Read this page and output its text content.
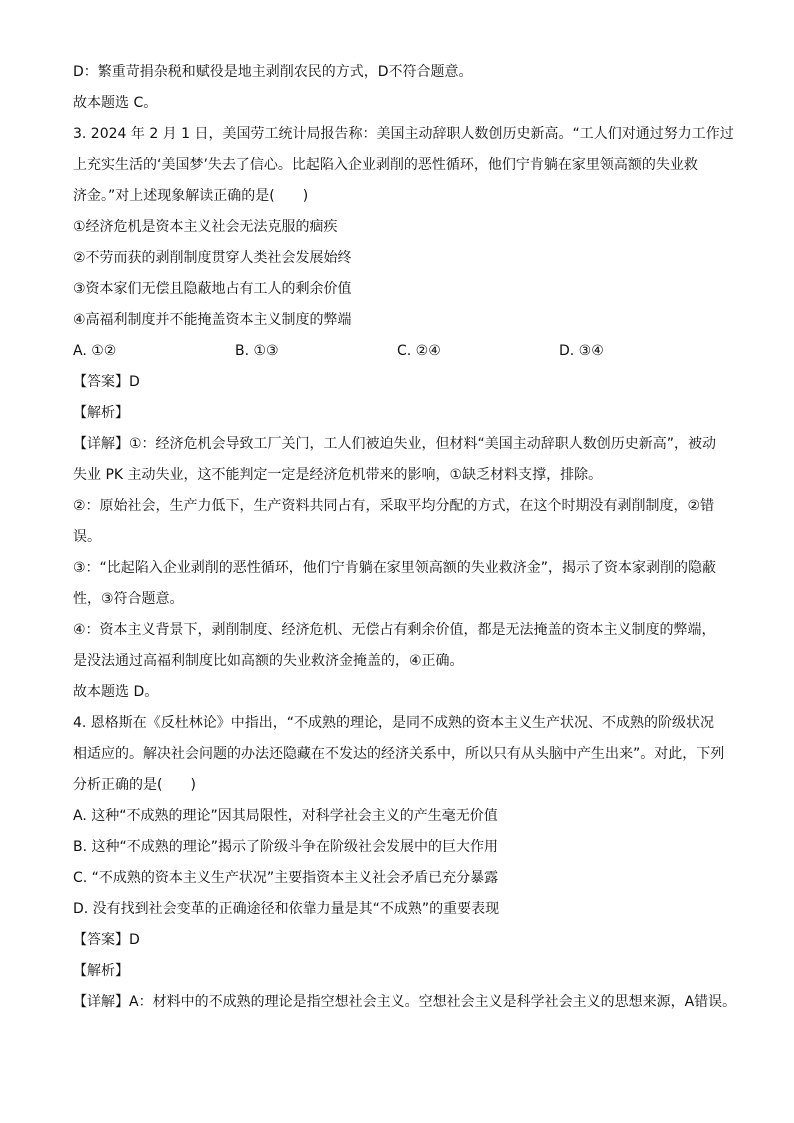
D：繁重苛捐杂税和赋役是地主剥削农民的方式，D不符合题意。

故本题选 C。

3. 2024 年 2 月 1 日，美国劳工统计局报告称：美国主动辞职人数创历史新高。“工人们对通过努力工作过

上充实生活的‘美国梦’失去了信心。比起陷入企业剥削的恶性循环，他们宁肯躺在家里领高额的失业救

济金。”对上述现象解读正确的是(　　)

①经济危机是资本主义社会无法克服的痼疾

②不劳而获的剥削制度贯穿人类社会发展始终

③资本家们无偿且隐蔽地占有工人的剩余价值

④高福利制度并不能掩盖资本主义制度的弊端

A. ①②	B. ①③	C. ②④	D. ③④

【答案】D

【解析】

【详解】①：经济危机会导致工厂关门，工人们被迫失业，但材料“美国主动辞职人数创历史新高”，被动

失业 PK 主动失业，这不能判定一定是经济危机带来的影响，①缺乏材料支撑，排除。

②：原始社会，生产力低下，生产资料共同占有，采取平均分配的方式，在这个时期没有剥削制度，②错

误。

③：“比起陷入企业剥削的恶性循环，他们宁肯躺在家里领高额的失业救济金”，揭示了资本家剥削的隐蔽

性，③符合题意。

④：资本主义背景下，剥削制度、经济危机、无偿占有剩余价值，都是无法掩盖的资本主义制度的弊端，

是没法通过高福利制度比如高额的失业救济金掩盖的，④正确。

故本题选 D。

4. 恩格斯在《反杜林论》中指出，“不成熟的理论，是同不成熟的资本主义生产状况、不成熟的阶级状况

相适应的。解决社会问题的办法还隐藏在不发达的经济关系中，所以只有从头脑中产生出来”。对此，下列

分析正确的是(　　)

A. 这种“不成熟的理论”因其局限性，对科学社会主义的产生毫无价值

B. 这种“不成熟的理论”揭示了阶级斗争在阶级社会发展中的巨大作用

C. “不成熟的资本主义生产状况”主要指资本主义社会矛盾已充分暴露

D. 没有找到社会变革的正确途径和依靠力量是其“不成熟”的重要表现

【答案】D

【解析】

【详解】A：材料中的不成熟的理论是指空想社会主义。空想社会主义是科学社会主义的思想来源，A错误。
